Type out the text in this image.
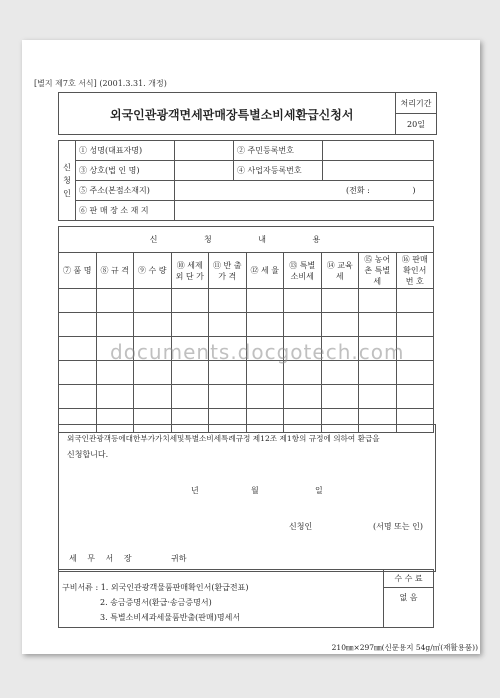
[별지 제7호 서식] (2001.3.31. 개정)
	처리기간
20일
외국인관광객면세판매장특별소비세환급신청서
신
청
인	① 성명(대표자명)		② 주민등록번호	
	③ 상호(법 인 명)		④ 사업자등록번호	
	⑤ 주소(본점소재지)	(전화 : )		
	⑥ 판 매 장 소 재 지			
신 청 내 용									
⑦ 품 명	⑧ 규 격	⑨ 수 량	⑩ 세제외 단 가	⑪ 반 출 가 격	⑫ 세 율	⑬ 특별 소비세	⑭ 교육세	⑮ 농어촌 특별세	⑯ 판매확인서 번 호

documents.docgotech.com
외국인관광객등에대한부가가치세및특별소비세특례규정 제12조 제1항의 규정에 의하여 환급을
신청합니다.
년	월	일
신청인	(서명 또는 인)
세 무 서 장	귀하
구비서류 : 1. 외국인관광객물품판매확인서(환급전표)
2. 송금증명서(환급·송금증명서)
3. 특별소비세과세물품반출(판매)명세서
	수 수 료
없 음
210㎜×297㎜(신문용지 54g/㎡(재활용품))
